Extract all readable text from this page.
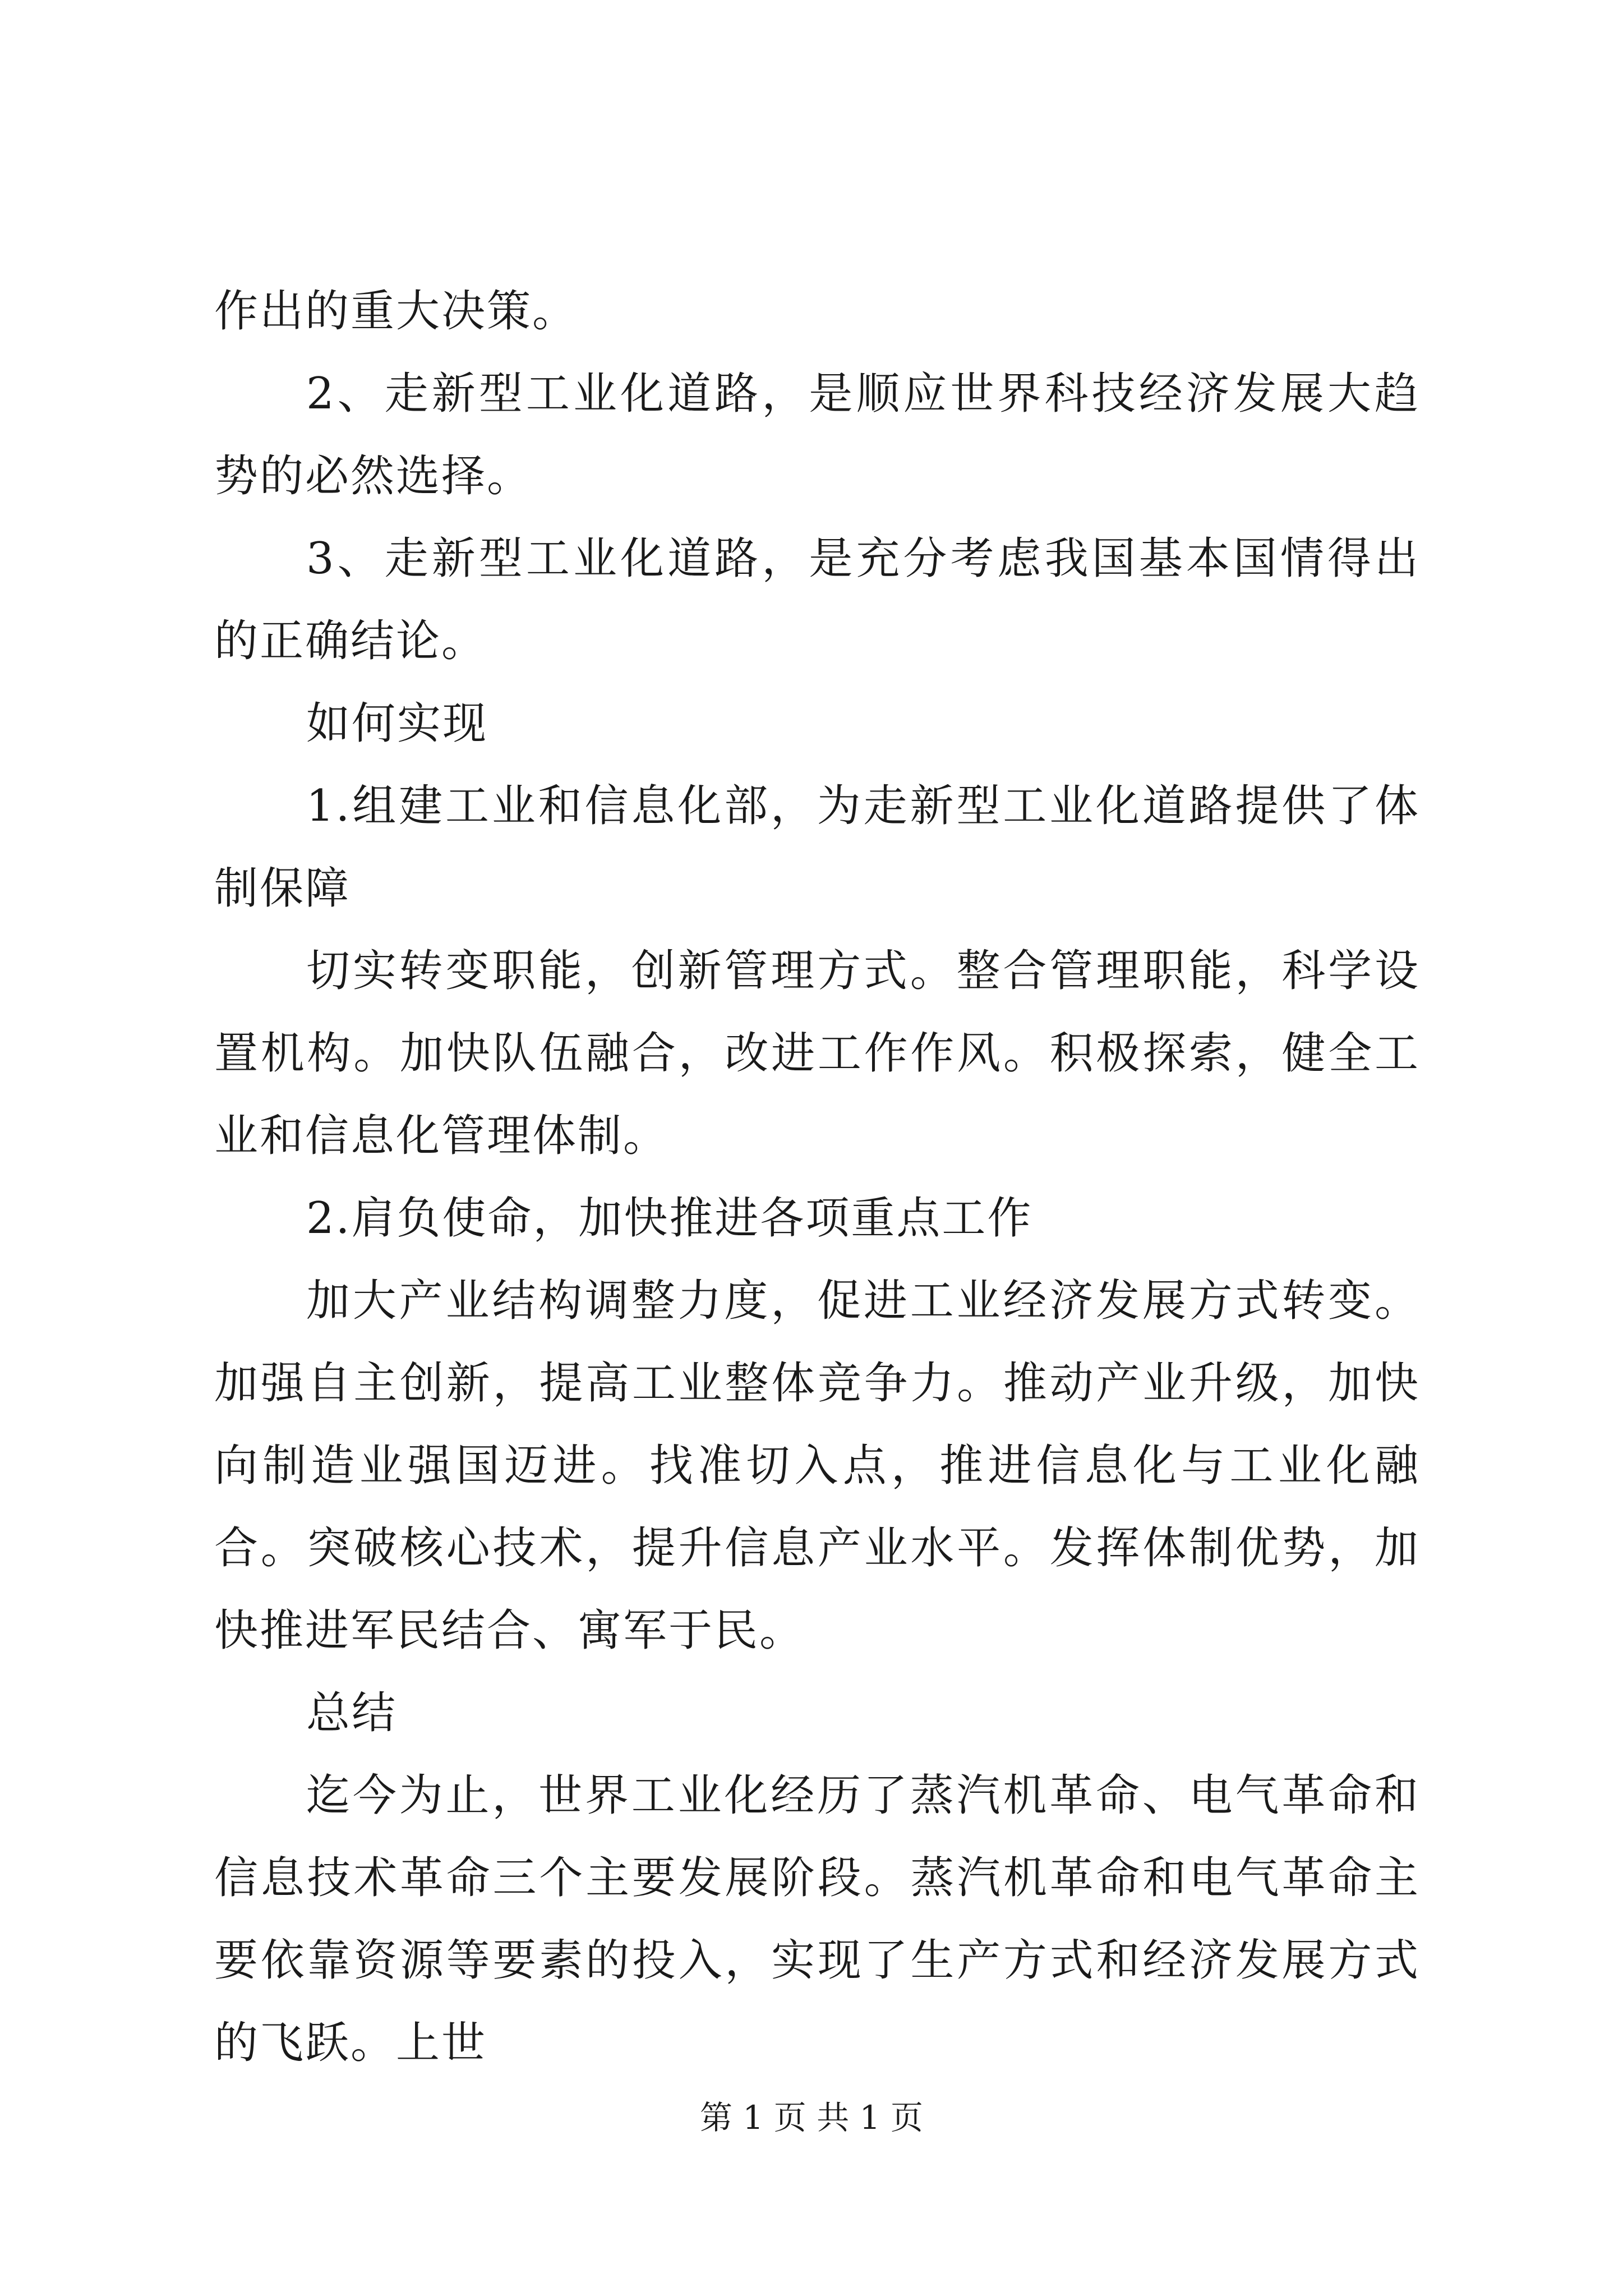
作出的重大决策。

2、走新型工业化道路，是顺应世界科技经济发展大趋势的必然选择。

3、走新型工业化道路，是充分考虑我国基本国情得出的正确结论。

如何实现

1.组建工业和信息化部，为走新型工业化道路提供了体制保障

切实转变职能，创新管理方式。整合管理职能，科学设置机构。加快队伍融合，改进工作作风。积极探索，健全工业和信息化管理体制。

2.肩负使命，加快推进各项重点工作

加大产业结构调整力度，促进工业经济发展方式转变。加强自主创新，提高工业整体竞争力。推动产业升级，加快向制造业强国迈进。找准切入点，推进信息化与工业化融合。突破核心技术，提升信息产业水平。发挥体制优势，加快推进军民结合、寓军于民。

总结

迄今为止，世界工业化经历了蒸汽机革命、电气革命和信息技术革命三个主要发展阶段。蒸汽机革命和电气革命主要依靠资源等要素的投入，实现了生产方式和经济发展方式的飞跃。上世

第 1 页 共 1 页
